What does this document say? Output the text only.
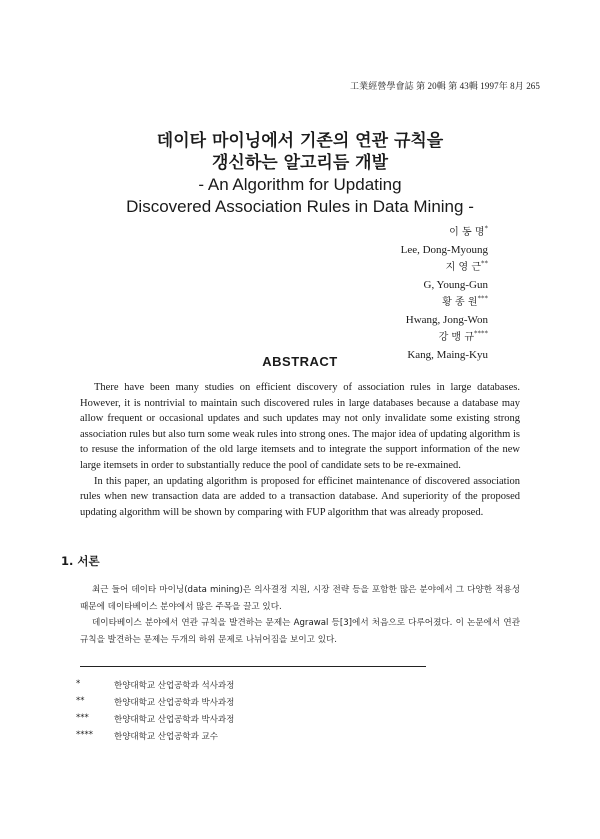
工業經營學會誌 第 20輯 第 43輯 1997年 8月 265

데이타 마이닝에서 기존의 연관 규칙을

갱신하는 알고리듬 개발

- An Algorithm for Updating

Discovered Association Rules in Data Mining -

이 동 명*
Lee, Dong-Myoung
지 영 근**
G, Young-Gun
황 종 원***
Hwang, Jong-Won
강 맹 규****
Kang, Maing-Kyu
ABSTRACT

There have been many studies on efficient discovery of association rules in large databases. However, it is nontrivial to maintain such discovered rules in large databases because a database may allow frequent or occasional updates and such updates may not only invalidate some existing strong association rules but also turn some weak rules into strong ones. The major idea of updating algorithm is to resuse the information of the old large itemsets and to integrate the support information of the new large itemsets in order to substantially reduce the pool of candidate sets to be re-exmained.

In this paper, an updating algorithm is proposed for efficinet maintenance of discovered association rules when new transaction data are added to a transaction database. And superiority of the proposed updating algorithm will be shown by comparing with FUP algorithm that was already proposed.

1. 서론

최근 들어 데이타 마이닝(data mining)은 의사결정 지원, 시장 전략 등을 포함한 많은 분야에서 그 다양한 적용성 때문에 데이타베이스 분야에서 많은 주목을 끌고 있다.

데이타베이스 분야에서 연관 규칙을 발견하는 문제는 Agrawal 등[3]에서 처음으로 다루어졌다. 이 논문에서 연관 규칙을 발견하는 문제는 두개의 하위 문제로 나뉘어짐을 보이고 있다.

*	한양대학교 산업공학과 석사과정
**	한양대학교 산업공학과 박사과정
***	한양대학교 산업공학과 박사과정
****	한양대학교 산업공학과 교수
